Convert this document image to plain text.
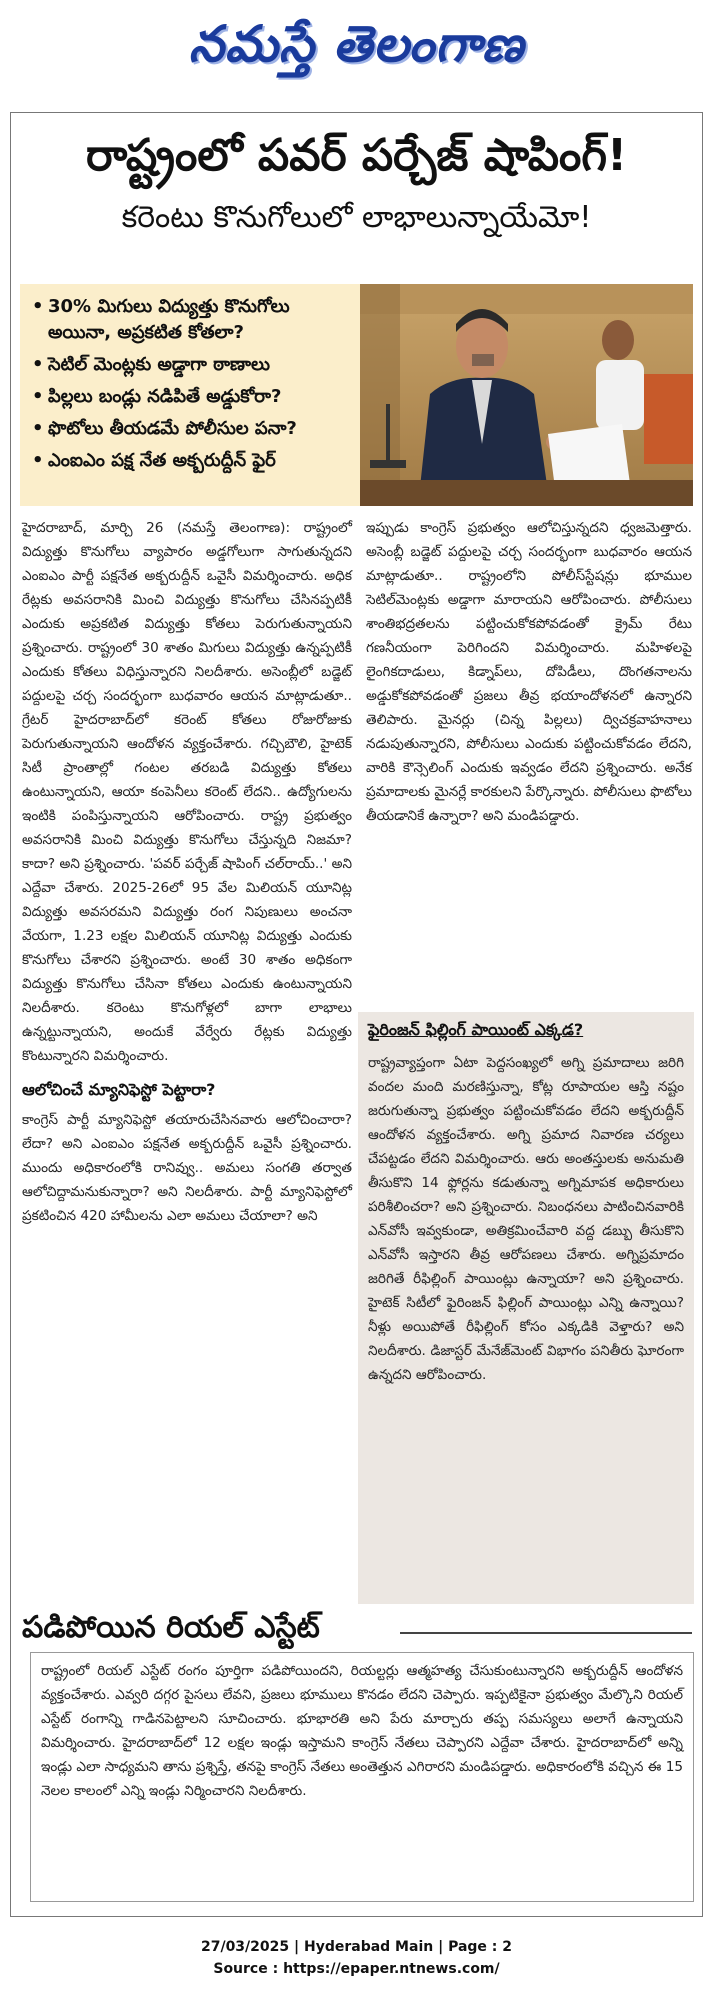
నమస్తే తెలంగాణ
రాష్ట్రంలో పవర్ పర్చేజ్ షాపింగ్!
కరెంటు కొనుగోలులో లాభాలున్నాయేమో!
• 30% మిగులు విద్యుత్తు కొనుగోలు అయినా, అప్రకటిత కోతలా?
• సెటిల్ మెంట్లకు అడ్డాగా ఠాణాలు
• పిల్లలు బండ్లు నడిపితే అడ్డుకోరా?
• ఫొటోలు తీయడమే పోలీసుల పనా?
• ఎంఐఎం పక్ష నేత అక్బరుద్దీన్ ఫైర్

హైదరాబాద్, మార్చి 26 (నమస్తే తెలంగాణ): రాష్ట్రంలో విద్యుత్తు కొనుగోలు వ్యాపారం అడ్డగోలుగా సాగుతున్నదని ఎంఐఎం పార్టీ పక్షనేత అక్బరుద్దీన్ ఒవైసీ విమర్శించారు. అధిక రేట్లకు అవసరానికి మించి విద్యుత్తు కొనుగోలు చేసినప్పటికీ ఎందుకు అప్రకటిత విద్యుత్తు కోతలు పెరుగుతున్నాయని ప్రశ్నించారు. రాష్ట్రంలో 30 శాతం మిగులు విద్యుత్తు ఉన్నప్పటికీ ఎందుకు కోతలు విధిస్తున్నారని నిలదీశారు. అసెంబ్లీలో బడ్జెట్ పద్దులపై చర్చ సందర్భంగా బుధవారం ఆయన మాట్లాడుతూ.. గ్రేటర్ హైదరాబాద్‌లో కరెంట్ కోతలు రోజురోజుకు పెరుగుతున్నాయని ఆందోళన వ్యక్తంచేశారు. గచ్చిబౌలి, హైటెక్ సిటీ ప్రాంతాల్లో గంటల తరబడి విద్యుత్తు కోతలు ఉంటున్నాయని, ఆయా కంపెనీలు కరెంట్ లేదని.. ఉద్యోగులను ఇంటికి పంపిస్తున్నాయని ఆరోపించారు. రాష్ట్ర ప్రభుత్వం అవసరానికి మించి విద్యుత్తు కొనుగోలు చేస్తున్నది నిజమా? కాదా? అని ప్రశ్నించారు. 'పవర్ పర్చేజ్ షాపింగ్ చల్‌రాయ్..' అని ఎద్దేవా చేశారు. 2025-26లో 95 వేల మిలియన్ యూనిట్ల విద్యుత్తు అవసరమని విద్యుత్తు రంగ నిపుణులు అంచనా వేయగా, 1.23 లక్షల మిలియన్ యూనిట్ల విద్యుత్తు ఎందుకు కొనుగోలు చేశారని ప్రశ్నించారు. అంటే 30 శాతం అధికంగా విద్యుత్తు కొనుగోలు చేసినా కోతలు ఎందుకు ఉంటున్నాయని నిలదీశారు. కరెంటు కొనుగోళ్లలో బాగా లాభాలు ఉన్నట్టున్నాయని, అందుకే వేర్వేరు రేట్లకు విద్యుత్తు కొంటున్నారని విమర్శించారు.

ఆలోచించే మ్యానిఫెస్టో పెట్టారా?

కాంగ్రెస్ పార్టీ మ్యానిఫెస్టో తయారుచేసినవారు ఆలోచించారా? లేదా? అని ఎంఐఎం పక్షనేత అక్బరుద్దీన్ ఒవైసీ ప్రశ్నించారు. ముందు అధికారంలోకి రానివ్వు.. అమలు సంగతి తర్వాత ఆలోచిద్దామనుకున్నారా? అని నిలదీశారు. పార్టీ మ్యానిఫెస్టోలో ప్రకటించిన 420 హామీలను ఎలా అమలు చేయాలా? అని

ఇప్పుడు కాంగ్రెస్ ప్రభుత్వం ఆలోచిస్తున్నదని ధ్వజమెత్తారు. అసెంబ్లీ బడ్జెట్ పద్దులపై చర్చ సందర్భంగా బుధవారం ఆయన మాట్లాడుతూ.. రాష్ట్రంలోని పోలీస్‌స్టేషన్లు భూముల సెటిల్‌మెంట్లకు అడ్డాగా మారాయని ఆరోపించారు. పోలీసులు శాంతిభద్రతలను పట్టించుకోకపోవడంతో క్రైమ్ రేటు గణనీయంగా పెరిగిందని విమర్శించారు. మహిళలపై లైంగికదాడులు, కిడ్నాప్‌లు, దోపిడీలు, దొంగతనాలను అడ్డుకోకపోవడంతో ప్రజలు తీవ్ర భయాందోళనలో ఉన్నారని తెలిపారు. మైనర్లు (చిన్న పిల్లలు) ద్విచక్రవాహనాలు నడుపుతున్నారని, పోలీసులు ఎందుకు పట్టించుకోవడం లేదని, వారికి కౌన్సెలింగ్ ఎందుకు ఇవ్వడం లేదని ప్రశ్నించారు. అనేక ప్రమాదాలకు మైనర్లే కారకులని పేర్కొన్నారు. పోలీసులు ఫొటోలు తీయడానికే ఉన్నారా? అని మండిపడ్డారు.

ఫైరింజన్ ఫిల్లింగ్ పాయింట్ ఎక్కడ?

రాష్ట్రవ్యాప్తంగా ఏటా పెద్దసంఖ్యలో అగ్ని ప్రమాదాలు జరిగి వందల మంది మరణిస్తున్నా, కోట్ల రూపాయల ఆస్తి నష్టం జరుగుతున్నా ప్రభుత్వం పట్టించుకోవడం లేదని అక్బరుద్దీన్ ఆందోళన వ్యక్తంచేశారు. అగ్ని ప్రమాద నివారణ చర్యలు చేపట్టడం లేదని విమర్శించారు. ఆరు అంతస్తులకు అనుమతి తీసుకొని 14 ఫ్లోర్లను కడుతున్నా అగ్నిమాపక అధికారులు పరిశీలించరా? అని ప్రశ్నించారు. నిబంధనలు పాటించినవారికి ఎన్‌వోసీ ఇవ్వకుండా, అతిక్రమించేవారి వద్ద డబ్బు తీసుకొని ఎన్‌వోసీ ఇస్తారని తీవ్ర ఆరోపణలు చేశారు. అగ్నిప్రమాదం జరిగితే రీఫిల్లింగ్ పాయింట్లు ఉన్నాయా? అని ప్రశ్నించారు. హైటెక్ సిటీలో ఫైరింజన్ ఫిల్లింగ్ పాయింట్లు ఎన్ని ఉన్నాయి? నీళ్లు అయిపోతే రీఫిల్లింగ్ కోసం ఎక్కడికి వెళ్తారు? అని నిలదీశారు. డిజాస్టర్ మేనేజ్‌మెంట్ విభాగం పనితీరు ఘోరంగా ఉన్నదని ఆరోపించారు.

పడిపోయిన రియల్ ఎస్టేట్

రాష్ట్రంలో రియల్ ఎస్టేట్ రంగం పూర్తిగా పడిపోయిందని, రియల్టర్లు ఆత్మహత్య చేసుకుంటున్నారని అక్బరుద్దీన్ ఆందోళన వ్యక్తంచేశారు. ఎవ్వరి దగ్గర పైసలు లేవని, ప్రజలు భూములు కొనడం లేదని చెప్పారు. ఇప్పటికైనా ప్రభుత్వం మేల్కొని రియల్ ఎస్టేట్ రంగాన్ని గాడినపెట్టాలని సూచించారు. భూభారతి అని పేరు మార్చారు తప్ప సమస్యలు అలాగే ఉన్నాయని విమర్శించారు. హైదరాబాద్‌లో 12 లక్షల ఇండ్లు ఇస్తామని కాంగ్రెస్ నేతలు చెప్పారని ఎద్దేవా చేశారు. హైదరాబాద్‌లో అన్ని ఇండ్లు ఎలా సాధ్యమని తాను ప్రశ్నిస్తే, తనపై కాంగ్రెస్ నేతలు అంతెత్తున ఎగిరారని మండిపడ్డారు. అధికారంలోకి వచ్చిన ఈ 15 నెలల కాలంలో ఎన్ని ఇండ్లు నిర్మించారని నిలదీశారు.

27/03/2025 | Hyderabad Main | Page : 2
Source : https://epaper.ntnews.com/
